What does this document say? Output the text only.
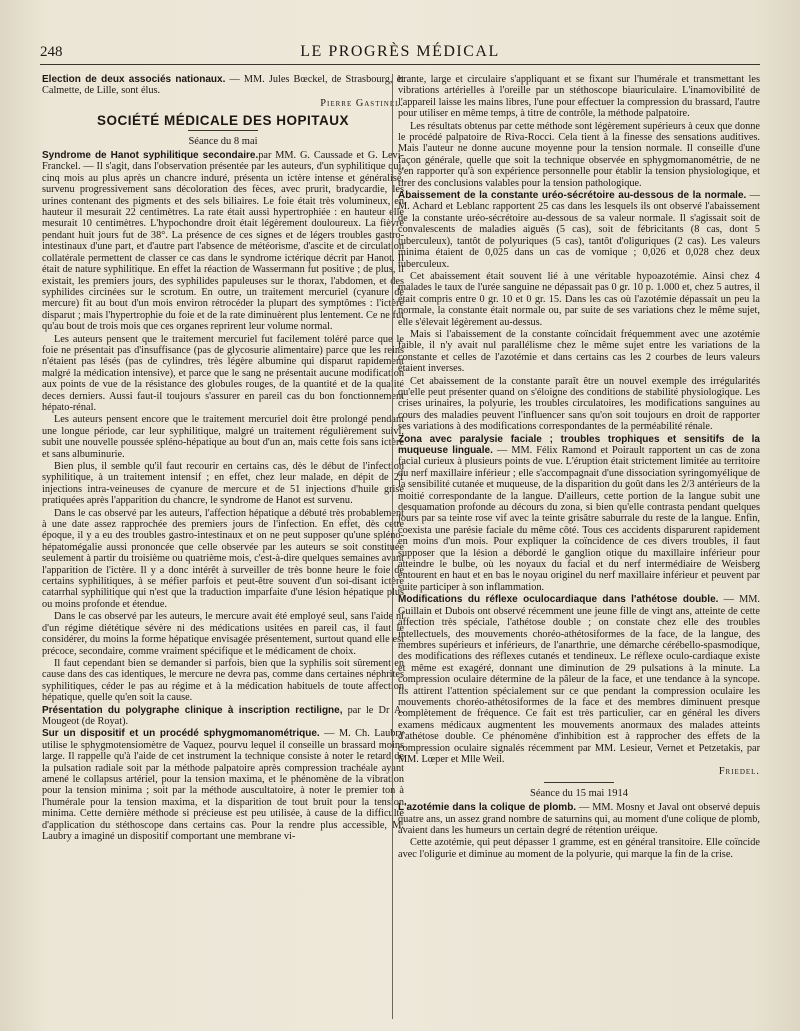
248	LE PROGRÈS MÉDICAL

Election de deux associés nationaux. — MM. Jules Bœckel, de Strasbourg, et Calmette, de Lille, sont élus.

Pierre Gastinel.
SOCIÉTÉ MÉDICALE DES HOPITAUX
Séance du 8 mai

Syndrome de Hanot syphilitique secondaire.par MM. G. Caussade et G. Levi-Franckel. — Il s'agit, dans l'observation présentée par les auteurs, d'un syphilitique qui, cinq mois au plus après un chancre induré, présenta un ictère intense et généralisé, survenu progressivement sans décoloration des fèces, avec prurit, bradycardie, les urines contenant des pigments et des sels biliaires. Le foie était très volumineux, en hauteur il mesurait 22 centimètres. La rate était aussi hypertrophiée : en hauteur elle mesurait 10 centimètres. L'hypochondre droit était légèrement douloureux. La fièvre pendant huit jours fut de 38°. La présence de ces signes et de légers troubles gastro-intestinaux d'une part, et d'autre part l'absence de météorisme, d'ascite et de circulation collatérale permettent de classer ce cas dans le syndrome ictérique décrit par Hanot. Il était de nature syphilitique. En effet la réaction de Wassermann fut positive ; de plus, il existait, les premiers jours, des syphilides papuleuses sur le thorax, l'abdomen, et des syphilides circinées sur le scrotum. En outre, un traitement mercuriel (cyanure de mercure) fit au bout d'un mois environ rétrocéder la plupart des symptômes : l'ictère disparut ; mais l'hypertrophie du foie et de la rate diminuèrent plus lentement. Ce ne fut qu'au bout de trois mois que ces organes reprirent leur volume normal.

Les auteurs pensent que le traitement mercuriel fut facilement toléré parce que le foie ne présentait pas d'insuffisance (pas de glycosurie alimentaire) parce que les reins n'étaient pas lésés (pas de cylindres, très légère albumine qui disparut rapidement malgré la médication intensive), et parce que le sang ne présentait aucune modification aux points de vue de la résistance des globules rouges, de la quantité et de la qualité deces derniers. Aussi faut-il toujours s'assurer en pareil cas du bon fonctionnement hépato-rénal.

Les auteurs pensent encore que le traitement mercuriel doit être prolongé pendant une longue période, car leur syphilitique, malgré un traitement régulièrement suivi, subit une nouvelle poussée spléno-hépatique au bout d'un an, mais cette fois sans ictère et sans albuminurie.

Bien plus, il semble qu'il faut recourir en certains cas, dès le début de l'infection syphilitique, à un traitement intensif ; en effet, chez leur malade, en dépit de 21 injections intra-veineuses de cyanure de mercure et de 51 injections d'huile grise pratiquées après l'apparition du chancre, le syndrome de Hanot est survenu.

Dans le cas observé par les auteurs, l'affection hépatique a débuté très probablement à une date assez rapprochée des premiers jours de l'infection. En effet, dès cette époque, il y a eu des troubles gastro-intestinaux et on ne peut supposer qu'une spléno-hépatomégalie aussi prononcée que celle observée par les auteurs se soit constituée seulement à partir du troisième ou quatrième mois, c'est-à-dire quelques semaines avant l'apparition de l'ictère. Il y a donc intérêt à surveiller de très bonne heure le foie de certains syphilitiques, à se méfier parfois et peut-être souvent d'un soi-disant ictère catarrhal syphilitique qui n'est que la traduction imparfaite d'une lésion hépatique plus ou moins profonde et étendue.

Dans le cas observé par les auteurs, le mercure avait été employé seul, sans l'aide ni d'un régime diététique sévère ni des médications usitées en pareil cas, il faut le considérer, du moins la forme hépatique envisagée présentement, surtout quand elle est précoce, secondaire, comme vraiment spécifique et le médicament de choix.

Il faut cependant bien se demander si parfois, bien que la syphilis soit sûrement en cause dans des cas identiques, le mercure ne devra pas, comme dans certaines néphrites syphilitiques, céder le pas au régime et à la médication habituels de toute affection hépatique, quelle qu'en soit la cause.

Présentation du polygraphe clinique à inscription rectiligne, par le Dr A. Mougeot (de Royat).

Sur un dispositif et un procédé sphygmomanométrique. — M. Ch. Laubry utilise le sphygmotensiomètre de Vaquez, pourvu lequel il conseille un brassard moins large. Il rappelle qu'à l'aide de cet instrument la technique consiste à noter le retard de la pulsation radiale soit par la méthode palpatoire après compression trachéale ayant amené le collapsus artériel, pour la tension maxima, et le phénomène de la vibration pour la tension minima ; soit par la méthode auscultatoire, à noter le premier ton à l'humérale pour la tension maxima, et la disparition de tout bruit pour la tension minima. Cette dernière méthode si précieuse est peu utilisée, à cause de la difficulté d'application du stéthoscope dans certains cas. Pour la rendre plus accessible, M. Laubry a imaginé un dispositif comportant une membrane vi-

brante, large et circulaire s'appliquant et se fixant sur l'humérale et transmettant les vibrations artérielles à l'oreille par un stéthoscope biauriculaire. L'inamovibilité de l'appareil laisse les mains libres, l'une pour effectuer la compression du brassard, l'autre pour utiliser en même temps, à titre de contrôle, la méthode palpatoire.

Les résultats obtenus par cette méthode sont légèrement supérieurs à ceux que donne le procédé palpatoire de Riva-Rocci. Cela tient à la finesse des sensations auditives. Mais l'auteur ne donne aucune moyenne pour la tension normale. Il conseille d'une façon générale, quelle que soit la technique observée en sphygmomanométrie, de ne s'en rapporter qu'à son expérience personnelle pour établir la tension physiologique, et tirer des conclusions valables pour la tension pathologique.

Abaissement de la constante uréo-sécrétoire au-dessous de la normale. — M. Achard et Leblanc rapportent 25 cas dans les lesquels ils ont observé l'abaissement de la constante uréo-sécrétoire au-dessous de sa valeur normale. Il s'agissait soit de convalescents de maladies aiguës (5 cas), soit de fébricitants (8 cas, dont 5 tuberculeux), tantôt de polyuriques (5 cas), tantôt d'oliguriques (2 cas). Les valeurs minima étaient de 0,025 dans un cas de vomique ; 0,026 et 0,028 chez deux tuberculeux.

Cet abaissement était souvent lié à une véritable hypoazotémie. Ainsi chez 4 malades le taux de l'urée sanguine ne dépassait pas 0 gr. 10 p. 1.000 et, chez 5 autres, il était compris entre 0 gr. 10 et 0 gr. 15. Dans les cas où l'azotémie dépassait un peu la normale, la constante était normale ou, par suite de ses variations chez le même sujet, elle s'élevait légèrement au-dessus.

Mais si l'abaissement de la constante coïncidait fréquemment avec une azotémie faible, il n'y avait nul parallélisme chez le même sujet entre les variations de la constante et celles de l'azotémie et dans certains cas les 2 courbes de leurs valeurs étaient inverses.

Cet abaissement de la constante paraît être un nouvel exemple des irrégularités qu'elle peut présenter quand on s'éloigne des conditions de stabilité physiologique. Les crises urinaires, la polyurie, les troubles circulatoires, les modifications sanguines au cours des maladies peuvent l'influencer sans qu'on soit toujours en droit de rapporter ses variations à des modifications correspondantes de la perméabilité rénale.

Zona avec paralysie faciale ; troubles trophiques et sensitifs de la muqueuse linguale. — MM. Félix Ramond et Poirault rapportent un cas de zona facial curieux à plusieurs points de vue. L'éruption était strictement limitée au territoire du nerf maxillaire inférieur ; elle s'accompagnait d'une dissociation syringomyélique de la sensibilité cutanée et muqueuse, de la disparition du goût dans les 2/3 antérieurs de la moitié correspondante de la langue. D'ailleurs, cette portion de la langue subit une desquamation profonde au décours du zona, si bien qu'elle contrasta pendant quelques jours par sa teinte rose vif avec la teinte grisâtre saburrale du reste de la langue. Enfin, coexista une parésie faciale du même côté. Tous ces accidents disparurent rapidement en moins d'un mois. Pour expliquer la coïncidence de ces divers troubles, il faut supposer que la lésion a débordé le ganglion otique du maxillaire inférieur pour atteindre le bulbe, où les noyaux du facial et du nerf intermédiaire de Weisberg entourent en haut et en bas le noyau originel du nerf maxillaire inférieur et peuvent par suite participer à son inflammation.

Modifications du réflexe oculocardiaque dans l'athétose double. — MM. Guillain et Dubois ont observé récemment une jeune fille de vingt ans, atteinte de cette affection très spéciale, l'athétose double ; on constate chez elle des troubles intellectuels, des mouvements choréo-athétosiformes de la face, de la langue, des membres supérieurs et inférieurs, de l'anarthrie, une démarche cérébello-spasmodique, des modifications des réflexes cutanés et tendineux. Le réflexe oculo-cardiaque existe et même est exagéré, donnant une diminution de 29 pulsations à la minute. La compression oculaire détermine de la pâleur de la face, et une tendance à la syncope. Ils attirent l'attention spécialement sur ce que pendant la compression oculaire les mouvements choréo-athétosiformes de la face et des membres diminuent presque complètement de fréquence. Ce fait est très particulier, car en général les divers examens médicaux augmentent les mouvements anormaux des malades atteints d'athétose double. Ce phénomène d'inhibition est à rapprocher des effets de la compression oculaire signalés récemment par MM. Lesieur, Vernet et Petzetakis, par MM. Lœper et Mlle Weil.

Friedel.
Séance du 15 mai 1914

L'azotémie dans la colique de plomb. — MM. Mosny et Javal ont observé depuis quatre ans, un assez grand nombre de saturnins qui, au moment d'une colique de plomb, avaient dans les humeurs un certain degré de rétention uréique.

Cette azotémie, qui peut dépasser 1 gramme, est en général transitoire. Elle coïncide avec l'oligurie et diminue au moment de la polyurie, qui marque la fin de la crise.
